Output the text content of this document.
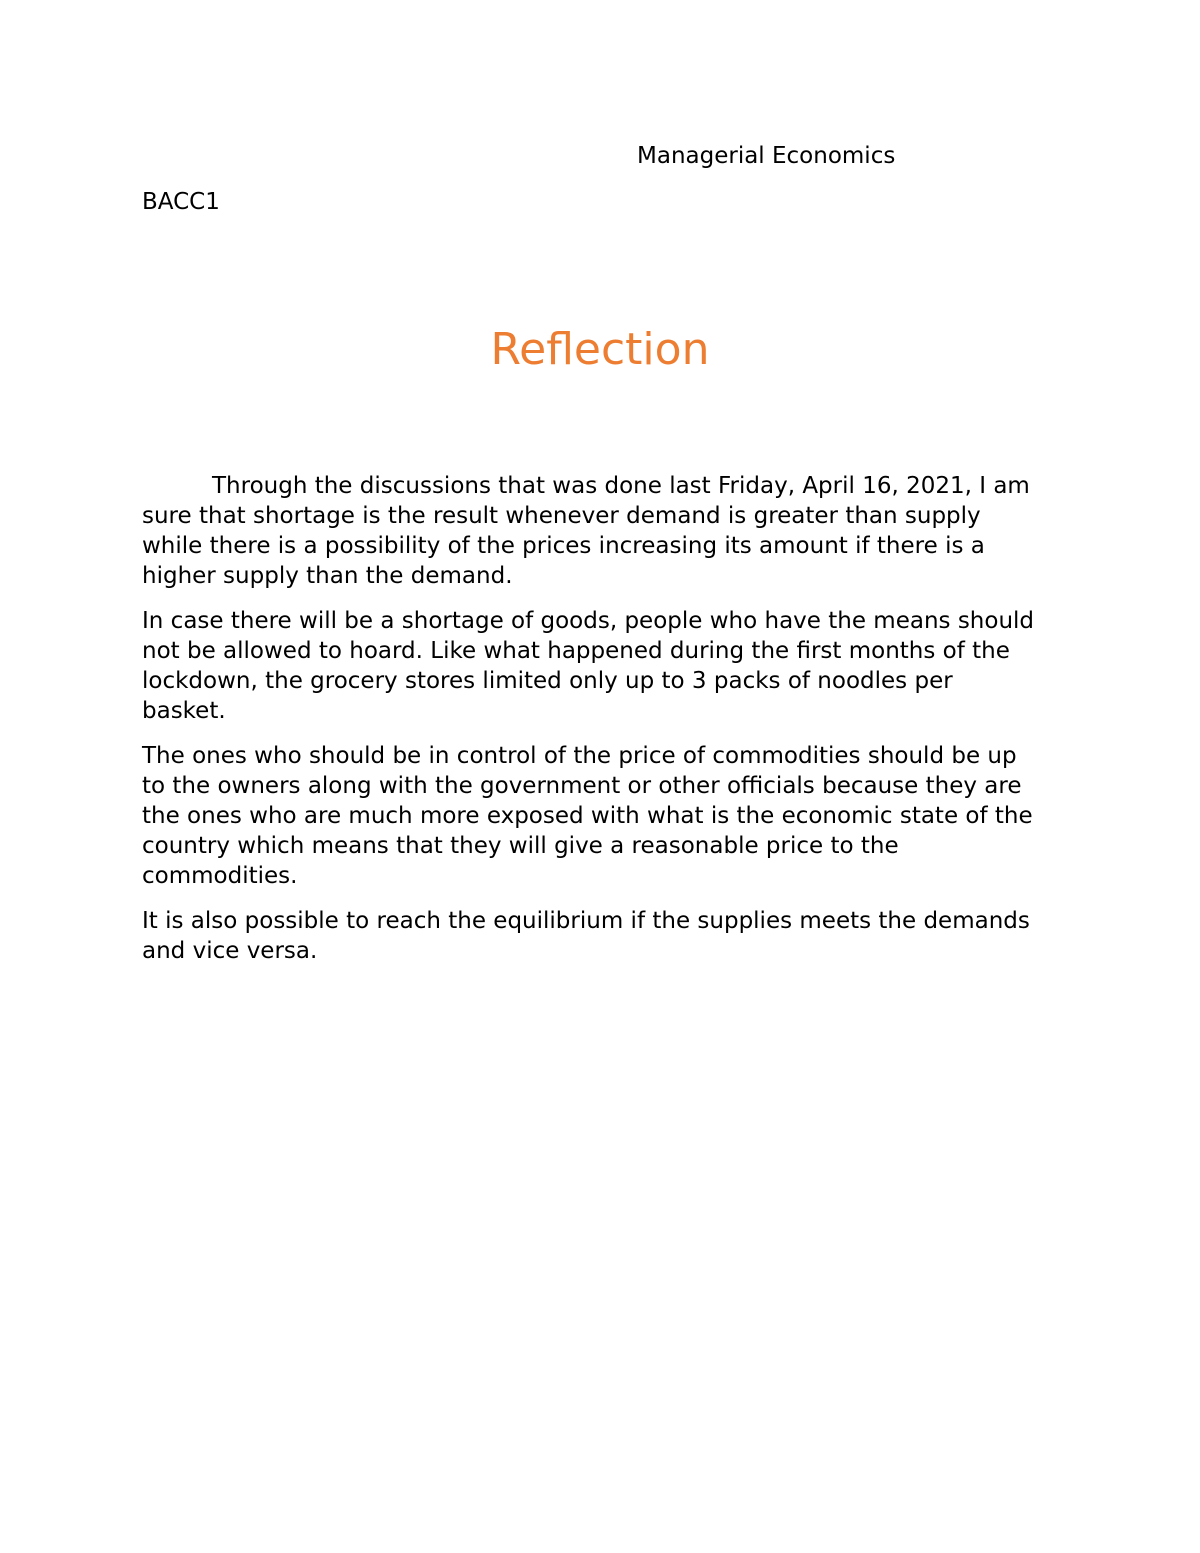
Managerial Economics
BACC1
Reflection

Through the discussions that was done last Friday, April 16, 2021, I am
sure that shortage is the result whenever demand is greater than supply
while there is a possibility of the prices increasing its amount if there is a
higher supply than the demand.

In case there will be a shortage of goods, people who have the means should
not be allowed to hoard. Like what happened during the first months of the
lockdown, the grocery stores limited only up to 3 packs of noodles per
basket.

The ones who should be in control of the price of commodities should be up
to the owners along with the government or other officials because they are
the ones who are much more exposed with what is the economic state of the
country which means that they will give a reasonable price to the
commodities.

It is also possible to reach the equilibrium if the supplies meets the demands
and vice versa.
